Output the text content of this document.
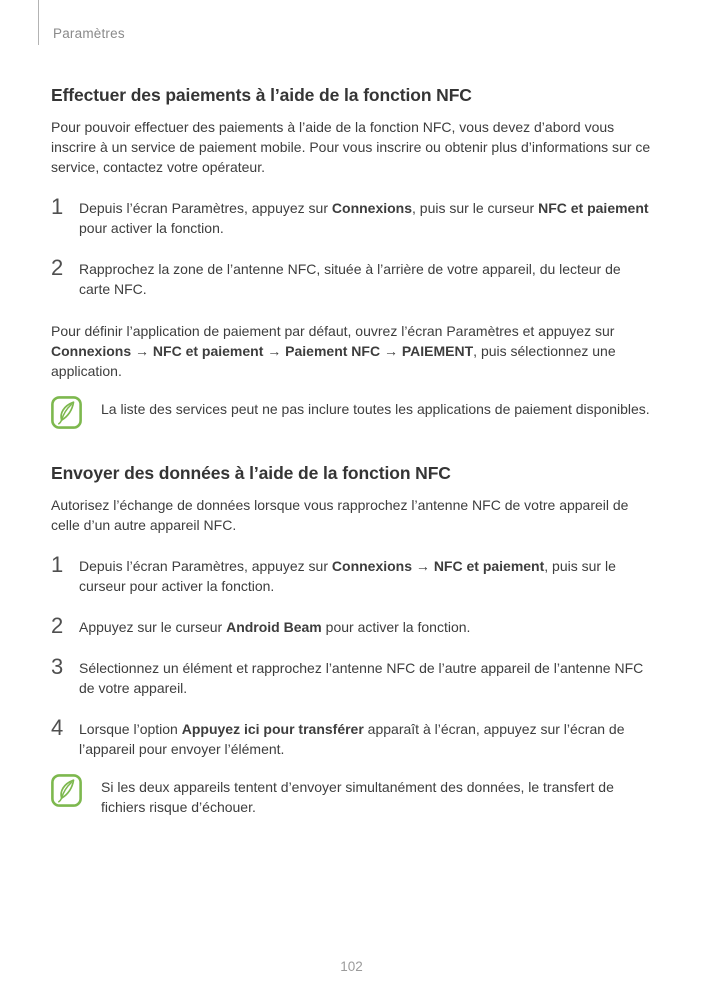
Paramètres
Effectuer des paiements à l’aide de la fonction NFC

Pour pouvoir effectuer des paiements à l’aide de la fonction NFC, vous devez d’abord vous inscrire à un service de paiement mobile. Pour vous inscrire ou obtenir plus d’informations sur ce service, contactez votre opérateur.

1	Depuis l’écran Paramètres, appuyez sur Connexions, puis sur le curseur NFC et paiement pour activer la fonction.

2	Rapprochez la zone de l’antenne NFC, située à l’arrière de votre appareil, du lecteur de carte NFC.

Pour définir l’application de paiement par défaut, ouvrez l’écran Paramètres et appuyez sur Connexions → NFC et paiement → Paiement NFC → PAIEMENT, puis sélectionnez une application.

La liste des services peut ne pas inclure toutes les applications de paiement disponibles.

Envoyer des données à l’aide de la fonction NFC

Autorisez l’échange de données lorsque vous rapprochez l’antenne NFC de votre appareil de celle d’un autre appareil NFC.

1	Depuis l’écran Paramètres, appuyez sur Connexions → NFC et paiement, puis sur le curseur pour activer la fonction.

2	Appuyez sur le curseur Android Beam pour activer la fonction.

3	Sélectionnez un élément et rapprochez l’antenne NFC de l’autre appareil de l’antenne NFC de votre appareil.

4	Lorsque l’option Appuyez ici pour transférer apparaît à l’écran, appuyez sur l’écran de l’appareil pour envoyer l’élément.

Si les deux appareils tentent d’envoyer simultanément des données, le transfert de fichiers risque d’échouer.

102
